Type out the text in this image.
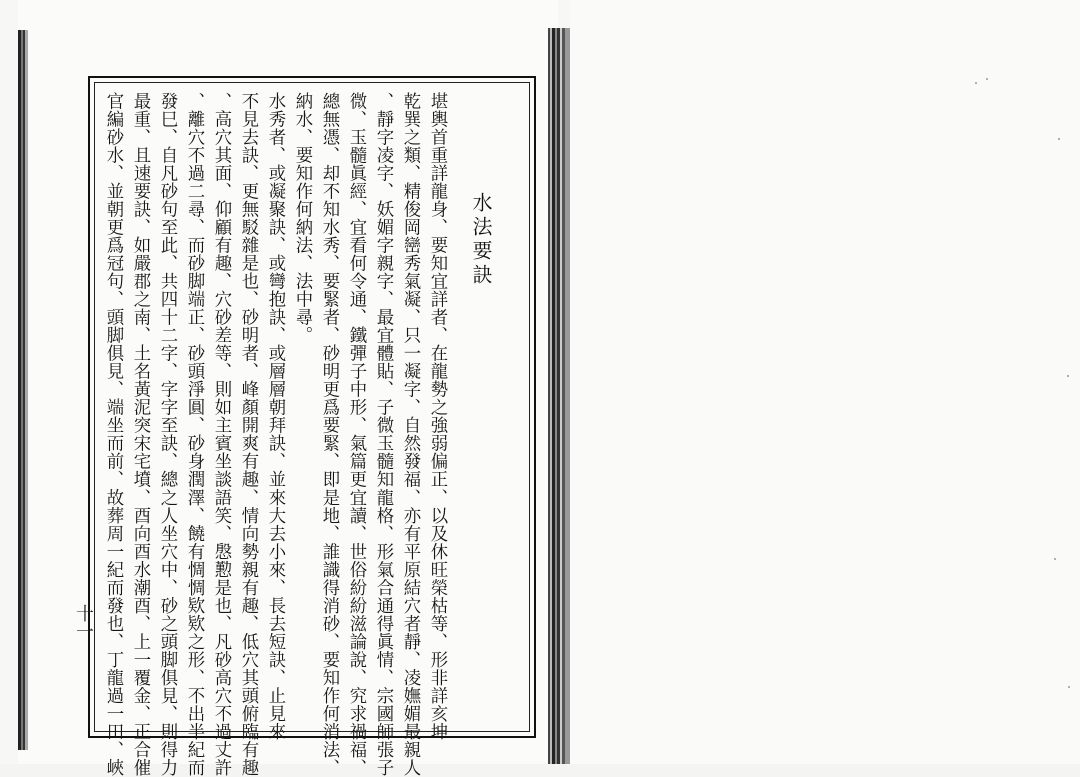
水法要訣
堪輿首重詳龍身、要知宜詳者、在龍勢之強弱偏正、以及休旺榮枯等、形非詳亥坤
乾巽之類、精俊岡巒秀氣凝、只一凝字、自然發福、亦有平原結穴者靜、凌嫵媚最親人
、靜字凌字、妖媚字親字、最宜體貼、子微玉髓知龍格、形氣合通得眞情、宗國師張子
微、玉髓眞經、宜看何令通、鐵彈子中形、氣篇更宜讀、世俗紛紛滋論說、究求禍福、
總無憑、却不知水秀、要緊者、砂明更爲要緊、即是地、誰識得消砂、要知作何消法、
納水、要知作何納法、法中尋。
水秀者、或凝聚訣、或彎抱訣、或層層朝拜訣、並來大去小來、長去短訣、止見來
不見去訣、更無駁雜是也、砂明者、峰顏開爽有趣、情向勢親有趣、低穴其頭俯臨有趣
、高穴其面、仰顧有趣、穴砂差等、則如主賓坐談語笑、慇懃是也、凡砂高穴不過丈許
、離穴不過二尋、而砂脚端正、砂頭淨圓、砂身潤澤、饒有惆惆欵欵之形、不出半紀而
發巳、自凡砂句至此、共四十二字、字字至訣、總之人坐穴中、砂之頭脚俱見、則得力
最重、且速要訣、如嚴郡之南、土名黃泥突宋宅墳、酉向酉水潮酉、上一覆金、正合催
官編砂水、並朝更爲冠句、頭脚俱見、端坐而前、故葬周一紀而發也、丁龍過一田、峽
十一
